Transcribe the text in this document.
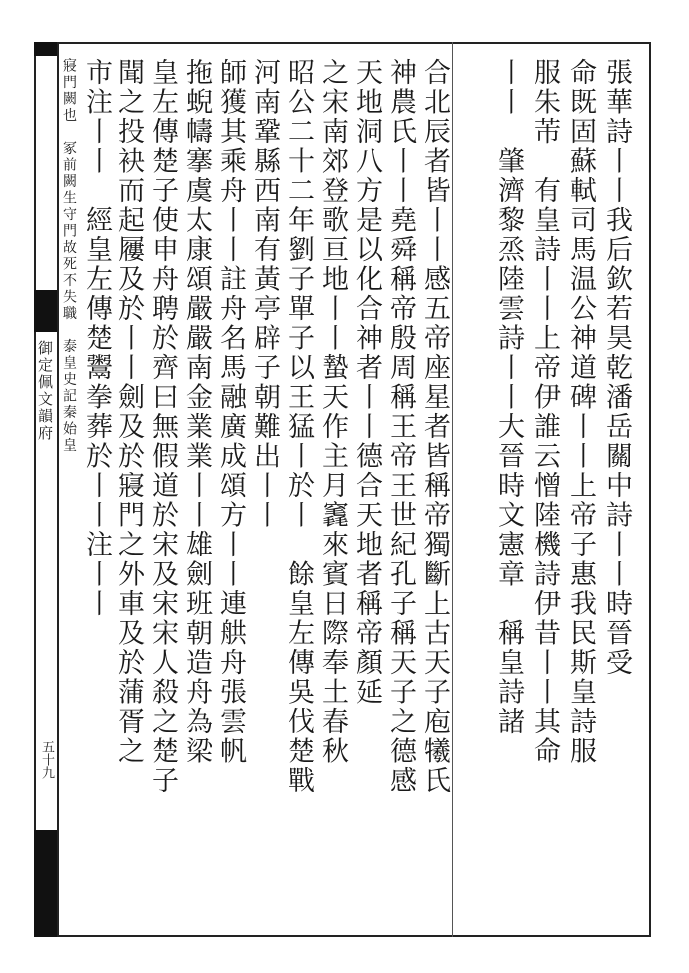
御定佩文韻府
五十九
張華詩丨丨我后欽若昊乾潘岳關中詩丨丨時晉受
命既固蘇軾司馬温公神道碑丨丨上帝子惠我民斯皇詩服
服朱芾　有皇詩丨丨上帝伊誰云憎陸機詩伊昔丨丨其命
丨丨　肇濟黎烝陸雲詩丨丨大晉時文憲章　稱皇詩諸
合北辰者皆丨丨感五帝座星者皆稱帝獨斷上古天子庖犧氏
神農氏丨丨堯舜稱帝殷周稱王帝王世紀孔子稱天子之德感
天地洞八方是以化合神者丨丨德合天地者稱帝顏延
之宋南郊登歌亘地丨丨蟄天作主月竁來賓日際奉土春秋
昭公二十二年劉子單子以王猛丨於丨　餘皇左傳吳伐楚戰
河南鞏縣西南有黃亭辟子朝難出丨丨
師獲其乘舟丨丨註舟名馬融廣成頌方丨丨連舼舟張雲帆
拖蜺幬搴虞太康頌嚴嚴南金業業丨丨雄劍班朝造舟為梁
皇左傳楚子使申舟聘於齊曰無假道於宋及宋宋人殺之楚子
聞之投袂而起屨及於丨丨劍及於寢門之外車及於蒲胥之
市注丨丨　經皇左傳楚鬻拳葬於丨丨注丨丨
寢門闕也　冢前闕生守門故死不失職　泰皇史記秦始皇
